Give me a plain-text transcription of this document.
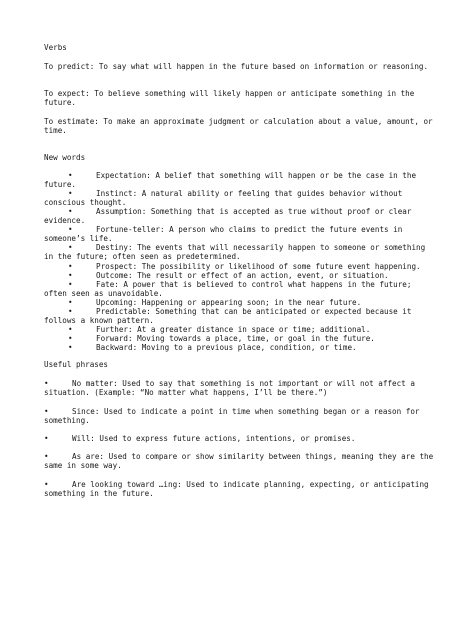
Verbs

To predict: To say what will happen in the future based on information or reasoning.

To expect: To believe something will likely happen or anticipate something in the future.

To estimate: To make an approximate judgment or calculation about a value, amount, or time.

New words

•	Expectation: A belief that something will happen or be the case in the future.

•	Instinct: A natural ability or feeling that guides behavior without conscious thought.

•	Assumption: Something that is accepted as true without proof or clear evidence.

•	Fortune-teller: A person who claims to predict the future events in someone’s life.

•	Destiny: The events that will necessarily happen to someone or something in the future; often seen as predetermined.

•	Prospect: The possibility or likelihood of some future event happening.

•	Outcome: The result or effect of an action, event, or situation.

•	Fate: A power that is believed to control what happens in the future; often seen as unavoidable.

•	Upcoming: Happening or appearing soon; in the near future.

•	Predictable: Something that can be anticipated or expected because it follows a known pattern.

•	Further: At a greater distance in space or time; additional.

•	Forward: Moving towards a place, time, or goal in the future.

•	Backward: Moving to a previous place, condition, or time.

Useful phrases

•	No matter: Used to say that something is not important or will not affect a situation. (Example: “No matter what happens, I’ll be there.”)

•	Since: Used to indicate a point in time when something began or a reason for something.

•	Will: Used to express future actions, intentions, or promises.

•	As are: Used to compare or show similarity between things, meaning they are the same in some way.

•	Are looking toward …ing: Used to indicate planning, expecting, or anticipating something in the future.
